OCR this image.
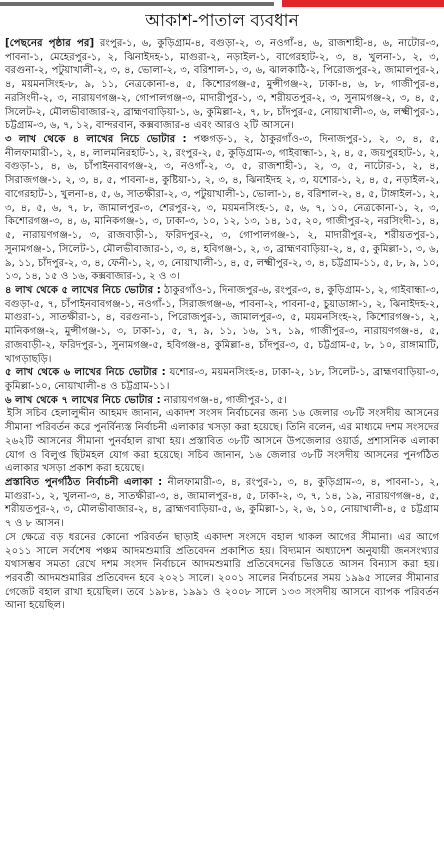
আকাশ-পাতাল ব্যবধান

[পেছনের পৃষ্ঠার পর] রংপুর-১, ৬, কুড়িগ্রাম-৪, বগুড়া-২, ৩, নওগাঁ-৪, ৬, রাজশাহী-৪, ৬, নাটোর-৩, পাবনা-১, মেহেরপুর-১, ২, ঝিনাইদহ-১, মাগুরা-২, নড়াইল-১, বাগেরহাট-২, ৩, ৪, খুলনা-১, ২, ৩, বরগুনা-২, পটুয়াখালী-২, ৩, ৪, ভোলা-২, ৩, বরিশাল-১, ৩, ৬, ঝালকাঠি-২, পিরোজপুর-২, জামালপুর-২, ৪, ময়মনসিংহ-৮, ৯, ১১, নেত্রকোনা-৪, ৫, কিশোরগঞ্জ-৫, মুন্সীগঞ্জ-২, ঢাকা-৪, ৬, ৮, গাজীপুর-৪, নরসিংদী-২, ৩, নারায়ণগঞ্জ-২, গোপালগঞ্জ-৩, মাদারীপুর-১, ৩, শরীয়তপুর-২, ৩, সুনামগঞ্জ-২, ৩, ৪, ৫, সিলেট-২, মৌলভীবাজার-২, ব্রাহ্মণবাড়িয়া-১, ৬, কুমিল্লা-২, ৭, ৮, চাঁদপুর-৫, নোয়াখালী-৩, ৬, লক্ষ্মীপুর-১, চট্টগ্রাম-৩, ৬, ৭, ১২, বান্দরবান, কক্সবাজার-৪ এবং আরও ২টি আসনে।

৩ লাখ থেকে ৪ লাখের নিচে ভোটার : পঞ্চগড়-১, ২, ঠাকুরগাঁও-৩, দিনাজপুর-১, ২, ৩, ৪, ৫, নীলফামারী-১, ২, ৪, লালমনিরহাট-১, ২, রংপুর-২, ৫, কুড়িগ্রাম-৩, গাইবান্ধা-১, ২, ৪, ৫, জয়পুরহাট-১, ২, বগুড়া-১, ৪, ৬, চাঁপাইনবাবগঞ্জ-২, ৩, নওগাঁ-২, ৩, ৫, রাজশাহী-১, ২, ৩, ৫, নাটোর-১, ২, ৪, সিরাজগঞ্জ-১, ২, ৩, ৪, ৫, পাবনা-৪, কুষ্টিয়া-১, ২, ৩, ৪, ঝিনাইদহ ২, ৩, যশোর-১, ২, ৪, ৫, নড়াইল-২, বাগেরহাট-১, খুলনা-৪, ৫, ৬, সাতক্ষীরা-২, ৩, পটুয়াখালী-১, ভোলা-১, ৪, বরিশাল-২, ৪, ৫, টাঙ্গাইল-১, ২, ৩, ৪, ৫, ৬, ৭, ৮, জামালপুর-৩, শেরপুর-২, ৩, ময়মনসিংহ-১, ৫, ৬, ৭, ১০, নেত্রকোনা-১, ২, ৩, কিশোরগঞ্জ-৩, ৪, ৬, মানিকগঞ্জ-১, ৩, ঢাকা-৩, ১০, ১২, ১৩, ১৪, ১৫, ২০, গাজীপুর-২, নরসিংদী-১, ৪, ৫, নারায়ণগঞ্জ-১, ৩, রাজবাড়ী-১, ফরিদপুর-২, ৩, গোপালগঞ্জ-১, ২, মাদারীপুর-২, শরীয়তপুর-১, সুনামগঞ্জ-১, সিলেট-১, মৌলভীবাজার-১, ৩, ৪, হবিগঞ্জ-১, ২, ৩, ব্রাহ্মণবাড়িয়া-২, ৪, ৫, কুমিল্লা-১, ৩, ৬, ৯, ১১, চাঁদপুর-২, ৩, ৪, ফেনী-১, ২, ৩, নোয়াখালী-১, ৪, ৫, লক্ষ্মীপুর-২, ৩, ৪, চট্টগ্রাম-১১, ৫, ৮, ৯, ১০, ১৩, ১৪, ১৫ ও ১৬, কক্সবাজার-১, ২ ও ৩।

৪ লাখ থেকে ৫ লাখের নিচে ভোটার : ঠাকুরগাঁও-১, দিনাজপুর-৬, রংপুর-৩, ৪, কুড়িগ্রাম-১, ২, গাইবান্ধা-৩, বগুড়া-৫, ৭, চাঁপাইনবাবগঞ্জ-১, নওগাঁ-১, সিরাজগঞ্জ-৬, পাবনা-২, পাবনা-৫, চুয়াডাঙ্গা-১, ২, ঝিনাইদহ-২, মাগুরা-১, সাতক্ষীরা-১, ৪, বরগুনা-১, পিরোজপুর-১, জামালপুর-৩, ৫, ময়মনসিংহ-২, কিশোরগঞ্জ-১, ২, মানিকগঞ্জ-২, মুন্সীগঞ্জ-১, ৩, ঢাকা-১, ৫, ৭, ৯, ১১, ১৬, ১৭, ১৯, গাজীপুর-৩, নারায়ণগঞ্জ-৪, ৫, রাজবাড়ী-২, ফরিদপুর-১, সুনামগঞ্জ-৫, হবিগঞ্জ-৪, কুমিল্লা-৪, চাঁদপুর-৩, ৫, চট্টগ্রাম-৫, ৮, ১০, রাঙ্গামাটি, খাগড়াছড়ি।

৫ লাখ থেকে ৬ লাখের নিচে ভোটার : যশোর-৩, ময়মনসিংহ-৪, ঢাকা-২, ১৮, সিলেট-১, ব্রাহ্মণবাড়িয়া-৩, কুমিল্লা-১০, নোয়াখালী-৪ ও চট্টগ্রাম-১১।

৬ লাখ থেকে ৭ লাখের নিচে ভোটার : নারায়ণগঞ্জ-৪, গাজীপুর-১, ৫।

ইসি সচিব হেলালুদ্দীন আহমদ জানান, একাদশ সংসদ নির্বাচনের জন্য ১৬ জেলার ৩৮টি সংসদীয় আসনের সীমানা পরিবর্তন করে পুনর্বিন্যস্ত নির্বাচনী এলাকার খসড়া করা হয়েছে। তিনি বলেন, এর মাধ্যমে দশম সংসদের ২৬২টি আসনের সীমানা পুনর্বহাল রাখা হয়। প্রস্তাবিত ৩৮টি আসনে উপজেলার ওয়ার্ড, প্রশাসনিক এলাকা যোগ ও বিলুপ্ত ছিটমহল যোগ করা হয়েছে। সচিব জানান, ১৬ জেলার ৩৮টি সংসদীয় আসনের পুনর্গঠিত এলাকার খসড়া প্রকাশ করা হয়েছে।

প্রস্তাবিত পুনর্গঠিত নির্বাচনী এলাকা : নীলফামারী-৩, ৪, রংপুর-১, ৩, ৪, কুড়িগ্রাম-৩, ৪, পাবনা-১, ২, মাগুরা-১, ২, খুলনা-৩, ৪, সাতক্ষীরা-৩, ৪, জামালপুর-৪, ৫, ঢাকা-২, ৩, ৭, ১৪, ১৯, নারায়ণগঞ্জ-৪, ৫, শরীয়তপুর-২, ৩, মৌলভীবাজার-২, ৪, ব্রাহ্মণবাড়িয়া-৫, ৬, কুমিল্লা-১, ২, ৬, ১০, নোয়াখালী-৪, ৫ চট্টগ্রাম ৭ ও ৮ আসন।

সে ক্ষেত্রে বড় ধরনের কোনো পরিবর্তন ছাড়াই একাদশ সংসদে বহাল থাকল আগের সীমানা। এর আগে ২০১১ সালে সর্বশেষ পঞ্চম আদমশুমারি প্রতিবেদন প্রকাশিত হয়। বিদ্যমান অধ্যাদেশ অনুযায়ী জনসংখ্যার যথাসম্ভব সমতা রেখে দশম সংসদ নির্বাচনে আদমশুমারি প্রতিবেদনের ভিত্তিতে আসন বিন্যাস করা হয়। পরবর্তী আদমশুমারির প্রতিবেদন হবে ২০২১ সালে। ২০০১ সালের নির্বাচনের সময় ১৯৯৫ সালের সীমানার গেজেট বহাল রাখা হয়েছিল। তবে ১৯৮৪, ১৯৯১ ও ২০০৮ সালে ১৩৩ সংসদীয় আসনে ব্যাপক পরিবর্তন আনা হয়েছিল।
